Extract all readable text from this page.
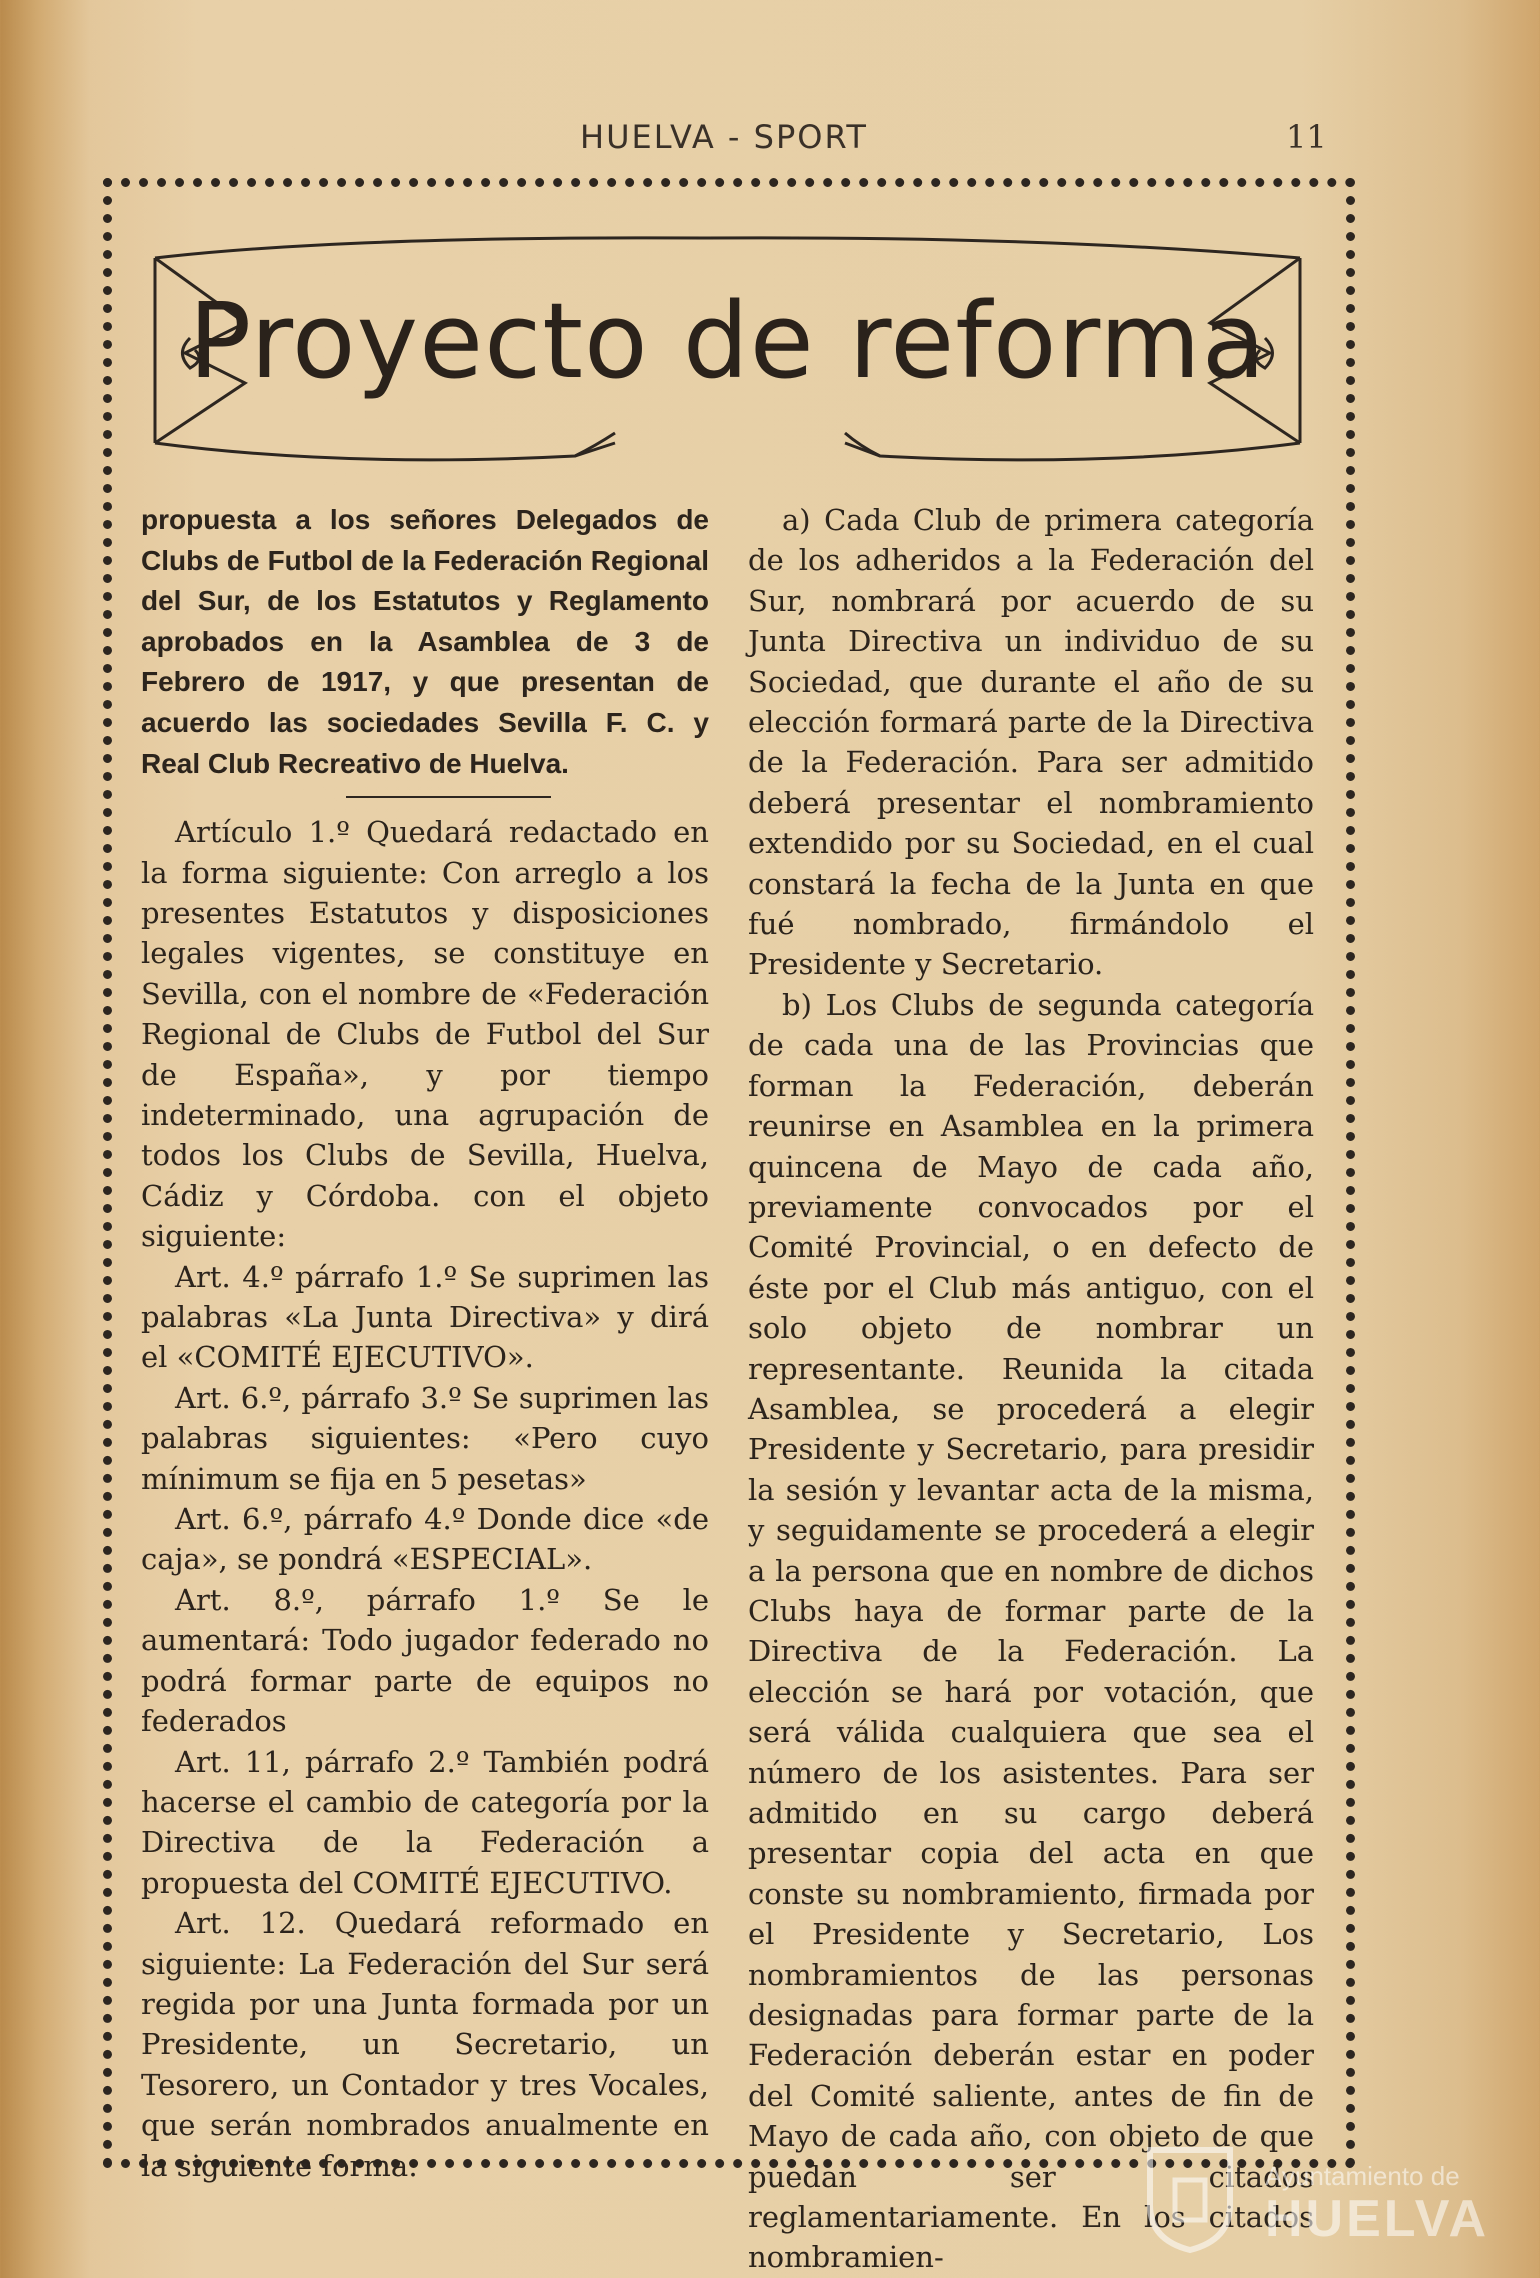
HUELVA - SPORT	11
Proyecto de reforma

propuesta a los señores Delegados de Clubs de Futbol de la Federación Regional del Sur, de los Estatutos y Reglamento aprobados en la Asamblea de 3 de Febrero de 1917, y que presentan de acuerdo las sociedades Sevilla F. C. y Real Club Recreativo de Huelva.

Artículo 1.º Quedará redactado en la forma siguiente: Con arreglo a los presentes Estatutos y disposiciones legales vigentes, se constituye en Sevilla, con el nombre de «Federación Regional de Clubs de Futbol del Sur de España», y por tiempo indeterminado, una agrupación de todos los Clubs de Sevilla, Huelva, Cádiz y Córdoba. con el objeto siguiente:

Art. 4.º párrafo 1.º Se suprimen las palabras «La Junta Directiva» y dirá el «COMITÉ EJECUTIVO».

Art. 6.º, párrafo 3.º Se suprimen las palabras siguientes: «Pero cuyo mínimum se fija en 5 pesetas»

Art. 6.º, párrafo 4.º Donde dice «de caja», se pondrá «ESPECIAL».

Art. 8.º, párrafo 1.º Se le aumentará: Todo jugador federado no podrá formar parte de equipos no federados

Art. 11, párrafo 2.º También podrá hacerse el cambio de categoría por la Directiva de la Federación a propuesta del COMITÉ EJECUTIVO.

Art. 12. Quedará reformado en siguiente: La Federación del Sur será regida por una Junta formada por un Presidente, un Secretario, un Tesorero, un Contador y tres Vocales, que serán nombrados anualmente en la siguiente forma:

a) Cada Club de primera categoría de los adheridos a la Federación del Sur, nombrará por acuerdo de su Junta Directiva un individuo de su Sociedad, que durante el año de su elección formará parte de la Directiva de la Federación. Para ser admitido deberá presentar el nombramiento extendido por su Sociedad, en el cual constará la fecha de la Junta en que fué nombrado, firmándolo el Presidente y Secretario.

b) Los Clubs de segunda categoría de cada una de las Provincias que forman la Federación, deberán reunirse en Asamblea en la primera quincena de Mayo de cada año, previamente convocados por el Comité Provincial, o en defecto de éste por el Club más antiguo, con el solo objeto de nombrar un representante. Reunida la citada Asamblea, se procederá a elegir Presidente y Secretario, para presidir la sesión y levantar acta de la misma, y seguidamente se procederá a elegir a la persona que en nombre de dichos Clubs haya de formar parte de la Directiva de la Federación. La elección se hará por votación, que será válida cualquiera que sea el número de los asistentes. Para ser admitido en su cargo deberá presentar copia del acta en que conste su nombramiento, firmada por el Presidente y Secretario, Los nombramientos de las personas designadas para formar parte de la Federación deberán estar en poder del Comité saliente, antes de fin de Mayo de cada año, con objeto de que puedan ser citados reglamentariamente. En los citados nombramien-

Ayuntamiento de
HUELVA
